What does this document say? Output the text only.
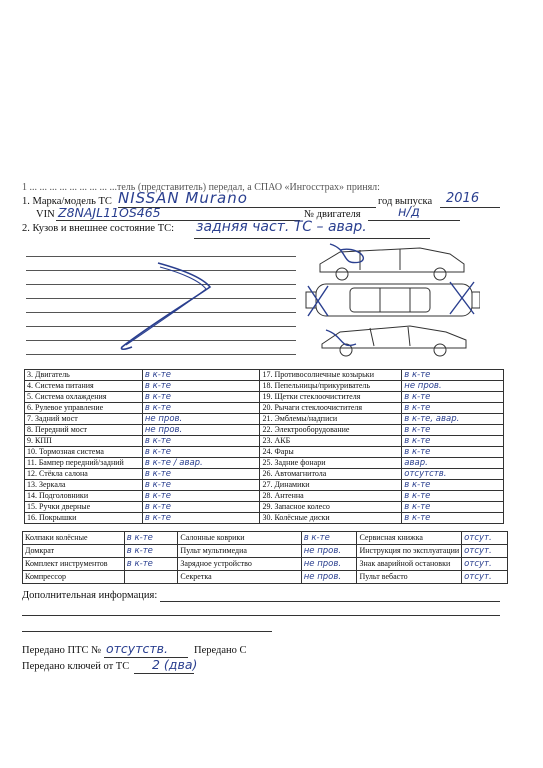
1 ... ... ... ... ... ... ... ... ...тель (представитель) передал, а СПАО «Ингосстрах» принял:
1. Марка/модель ТС NISSAN Murano	год выпуска 2016
VIN Z8NAJL11OS465	№ двигателя	н/д
2. Кузов и внешнее состояние ТС: задняя част. ТС – авар.
3. Двигатель	в к-те	17. Противосолнечные козырьки	в к-те
4. Система питания	в к-те	18. Пепельницы/прикуриватель	не пров.
5. Система охлаждения	в к-те	19. Щетки стеклоочистителя	в к-те
6. Рулевое управление	в к-те	20. Рычаги стеклоочистителя	в к-те
7. Задний мост	не пров.	21. Эмблемы/надписи	в к-те, авар.
8. Передний мост	не пров.	22. Электрооборудование	в к-те
9. КПП	в к-те	23. АКБ	в к-те
10. Тормозная система	в к-те	24. Фары	в к-те
11. Бампер передний/задний	в к-те / авар.	25. Задние фонари	авар.
12. Стёкла салона	в к-те	26. Автомагнитола	отсутств.
13. Зеркала	в к-те	27. Динамики	в к-те
14. Подголовники	в к-те	28. Антенна	в к-те
15. Ручки дверные	в к-те	29. Запасное колесо	в к-те
16. Покрышки	в к-те	30. Колёсные диски	в к-те
Колпаки колёсные	в к-те	Салонные коврики	в к-те	Сервисная книжка	отсут.
Домкрат	в к-те	Пульт мультимедиа	не пров.	Инструкция по эксплуатации	отсут.
Комплект инструментов	в к-те	Зарядное устройство	не пров.	Знак аварийной остановки	отсут.
Компрессор		Секретка	не пров.	Пульт вебасто	отсут.
Дополнительная информация:
Передано ПТС № отсутств. Передано С
Передано ключей от ТС 2 (два)
